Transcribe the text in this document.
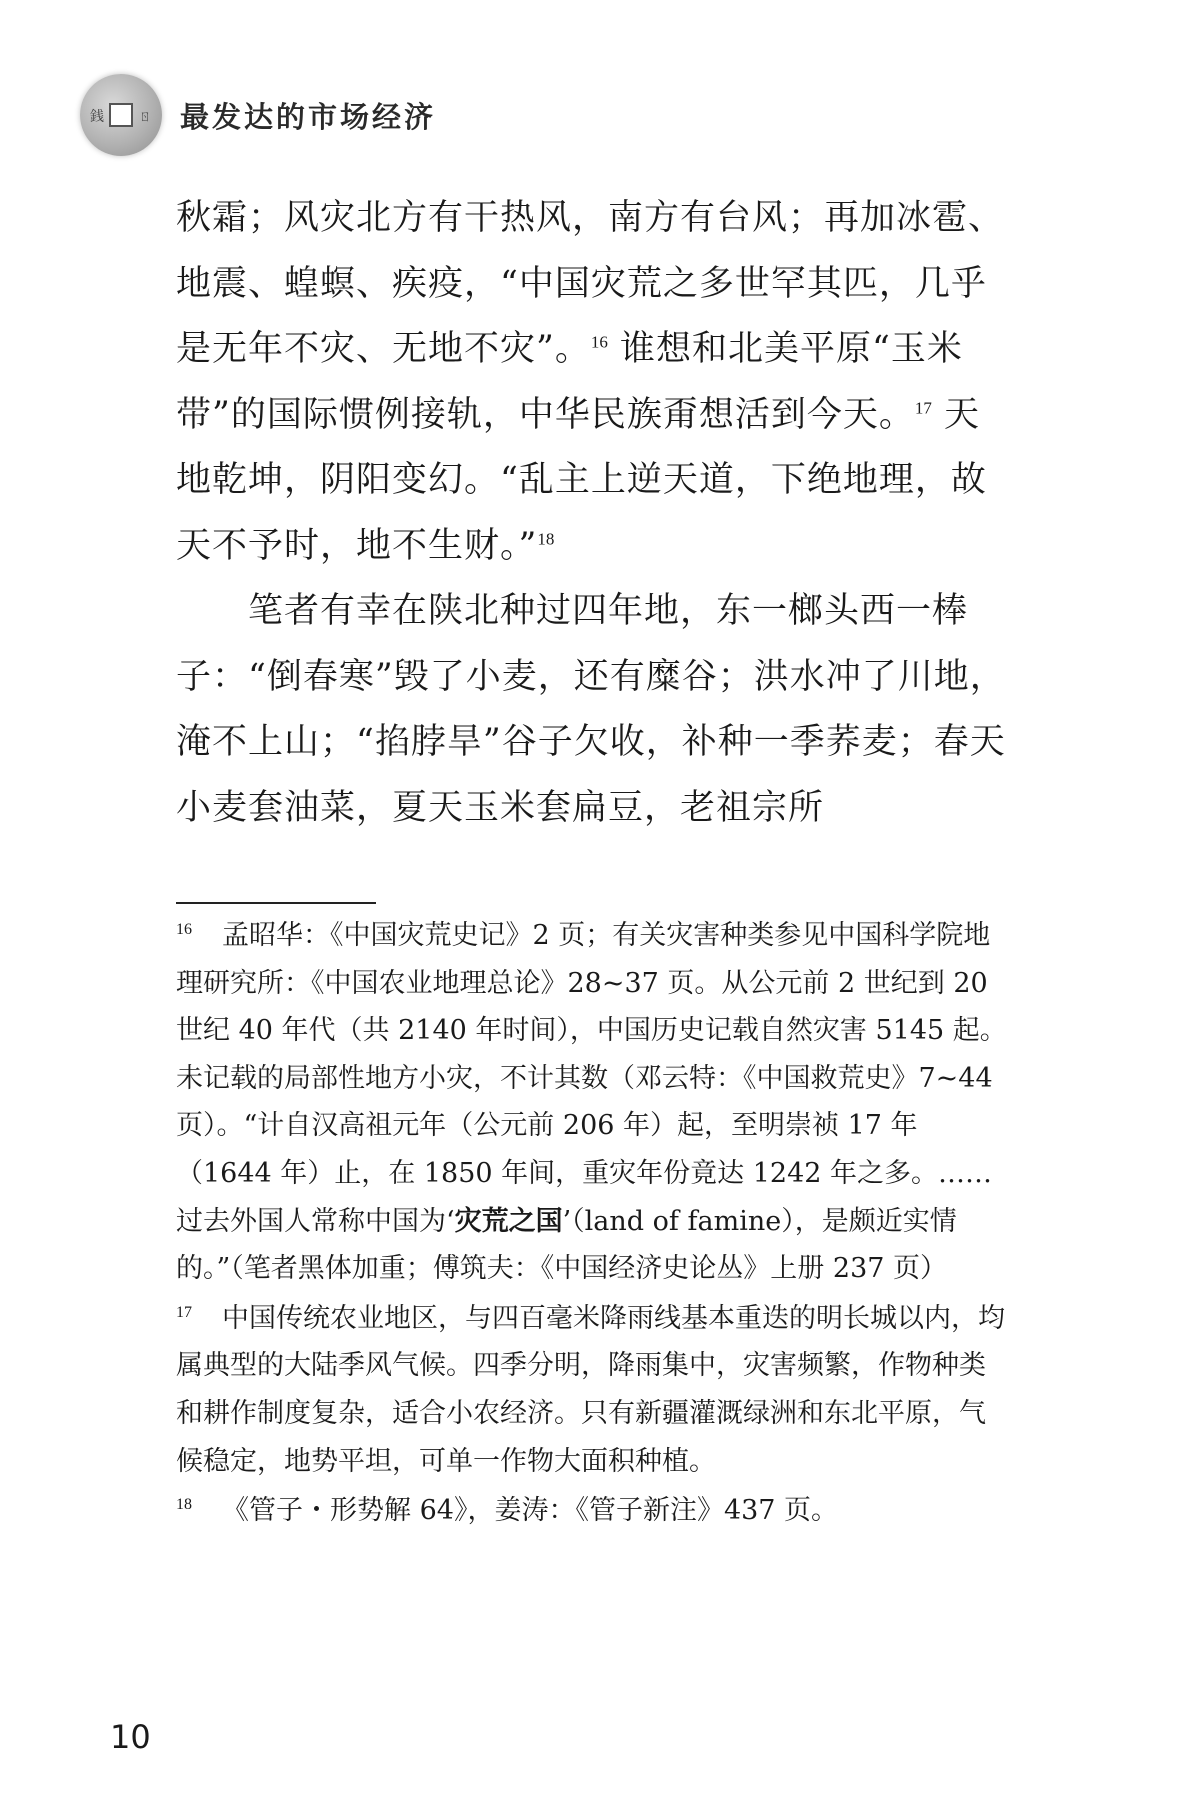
銭 ㄖ 最发达的市场经济

秋霜；风灾北方有干热风，南方有台风；再加冰雹、地震、蝗螟、疾疫，“中国灾荒之多世罕其匹，几乎是无年不灾、无地不灾”。$^{16}$ 谁想和北美平原“玉米带”的国际惯例接轨，中华民族甭想活到今天。$^{17}$ 天地乾坤，阴阳变幻。“乱主上逆天道，下绝地理，故天不予时，地不生财。”$^{18}$

笔者有幸在陕北种过四年地，东一榔头西一棒子：“倒春寒”毁了小麦，还有糜谷；洪水冲了川地，淹不上山；“掐脖旱”谷子欠收，补种一季荞麦；春天小麦套油菜，夏天玉米套扁豆，老祖宗所

$^{16}$ 孟昭华：《中国灾荒史记》2 页；有关灾害种类参见中国科学院地理研究所：《中国农业地理总论》28~37 页。从公元前 2 世纪到 20 世纪 40 年代（共 2140 年时间），中国历史记载自然灾害 5145 起。未记载的局部性地方小灾，不计其数（邓云特：《中国救荒史》7~44 页）。“计自汉高祖元年（公元前 206 年）起，至明崇祯 17 年（1644 年）止，在 1850 年间，重灾年份竟达 1242 年之多。……过去外国人常称中国为‘灾荒之国’（land of famine），是颇近实情的。”（笔者黑体加重；傅筑夫：《中国经济史论丛》上册 237 页）

$^{17}$ 中国传统农业地区，与四百毫米降雨线基本重迭的明长城以内，均属典型的大陆季风气候。四季分明，降雨集中，灾害频繁，作物种类和耕作制度复杂，适合小农经济。只有新疆灌溉绿洲和东北平原，气候稳定，地势平坦，可单一作物大面积种植。

$^{18}$ 《管子・形势解 64》，姜涛：《管子新注》437 页。

10
